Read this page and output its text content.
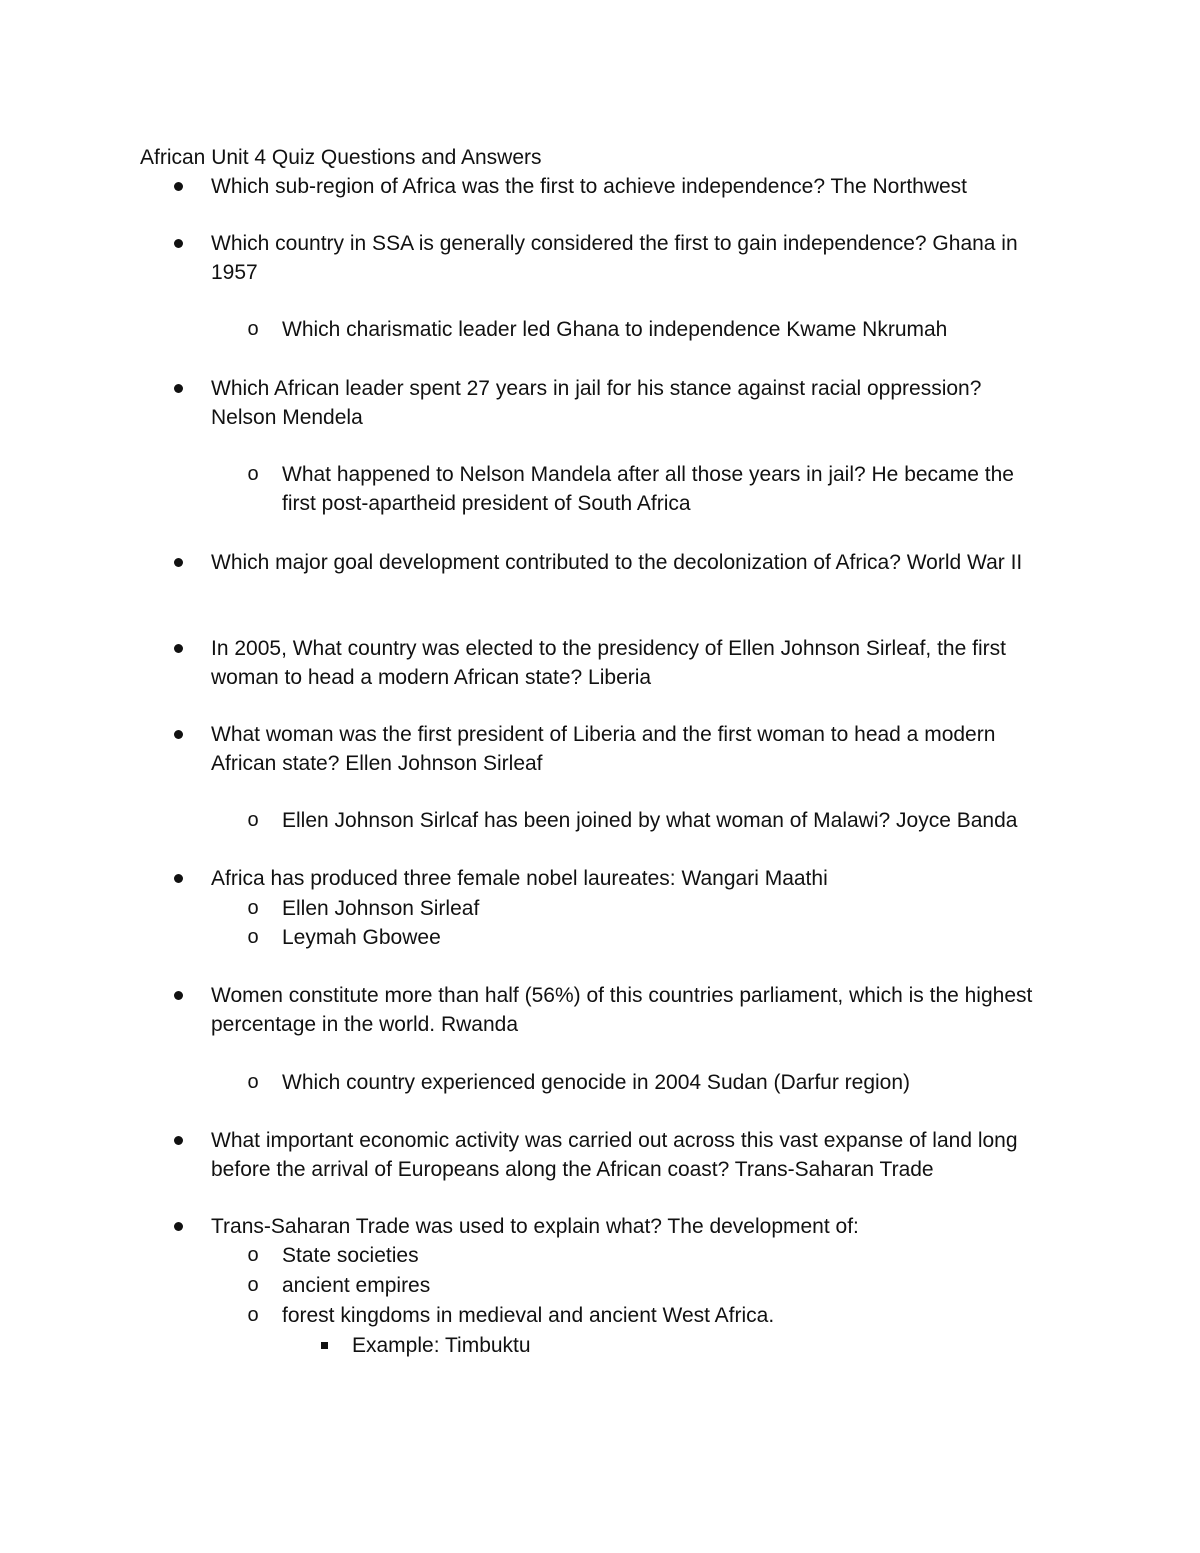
African Unit 4 Quiz Questions and Answers
Which sub-region of Africa was the first to achieve independence? The Northwest
Which country in SSA is generally considered the first to gain independence? Ghana in 1957
o Which charismatic leader led Ghana to independence Kwame Nkrumah
Which African leader spent 27 years in jail for his stance against racial oppression? Nelson Mendela
o What happened to Nelson Mandela after all those years in jail? He became the first post-apartheid president of South Africa
Which major goal development contributed to the decolonization of Africa? World War II
In 2005, What country was elected to the presidency of Ellen Johnson Sirleaf, the first woman to head a modern African state? Liberia
What woman was the first president of Liberia and the first woman to head a modern African state? Ellen Johnson Sirleaf
o Ellen Johnson Sirlcaf has been joined by what woman of Malawi? Joyce Banda
Africa has produced three female nobel laureates: Wangari Maathi
o Ellen Johnson Sirleaf
o Leymah Gbowee
Women constitute more than half (56%) of this countries parliament, which is the highest percentage in the world. Rwanda
o Which country experienced genocide in 2004 Sudan (Darfur region)
What important economic activity was carried out across this vast expanse of land long before the arrival of Europeans along the African coast? Trans-Saharan Trade
Trans-Saharan Trade was used to explain what? The development of:
o State societies
o ancient empires
o forest kingdoms in medieval and ancient West Africa.
Example: Timbuktu
